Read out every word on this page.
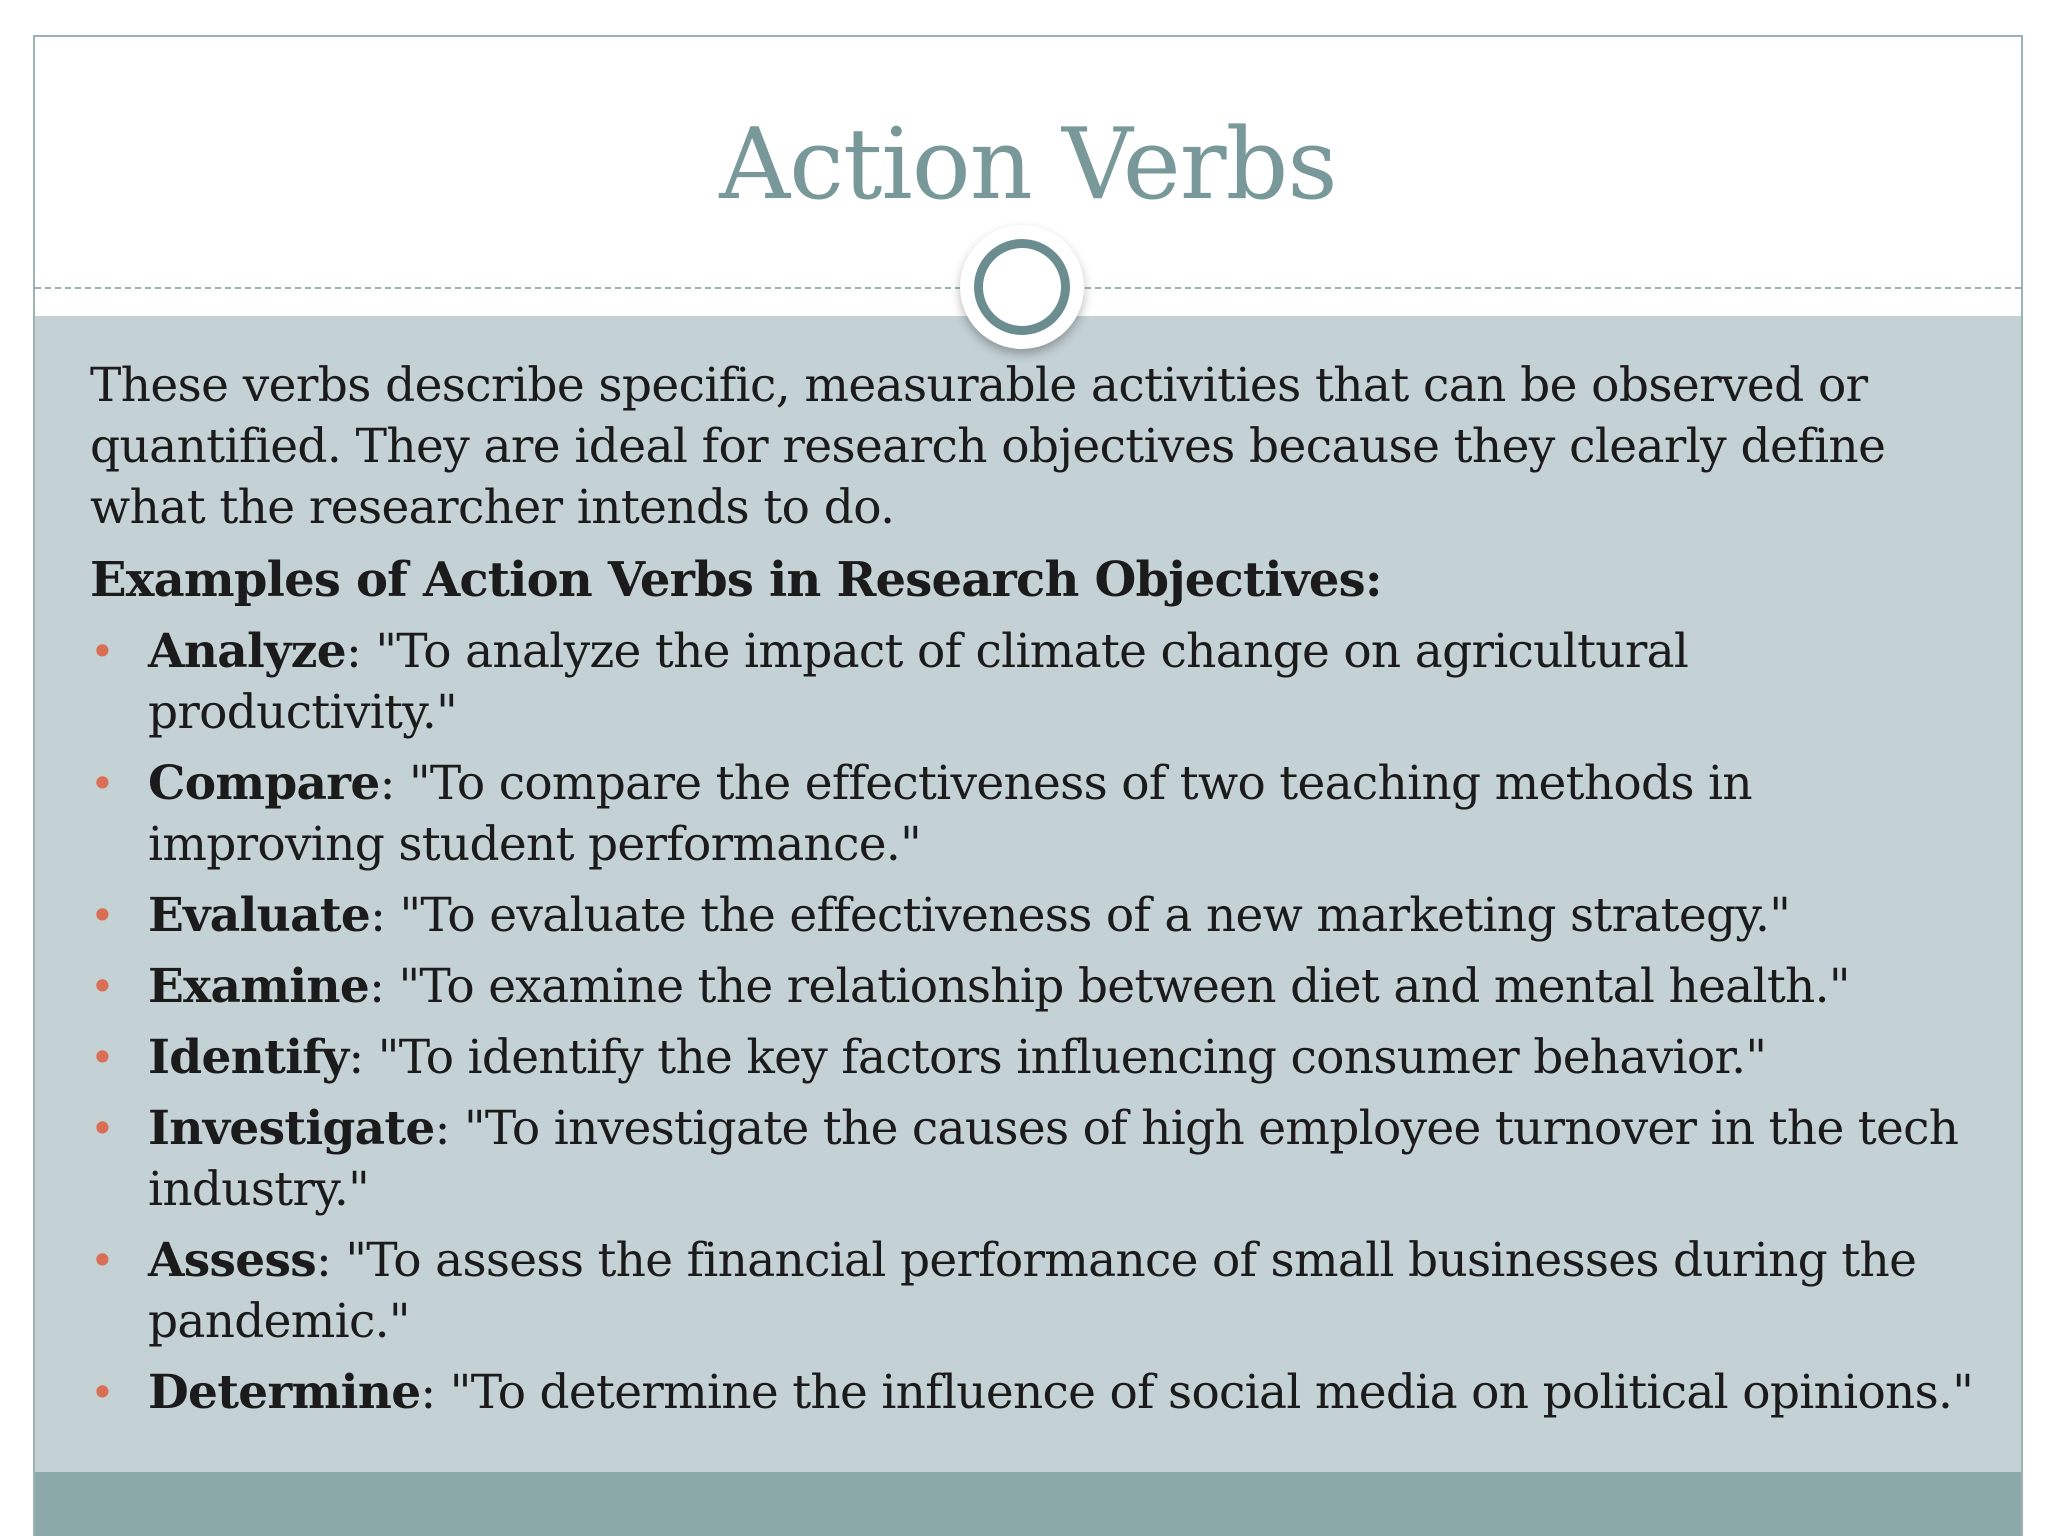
Action Verbs

These verbs describe specific, measurable activities that can be observed or quantified. They are ideal for research objectives because they clearly define what the researcher intends to do.

Examples of Action Verbs in Research Objectives:
• Analyze: "To analyze the impact of climate change on agricultural productivity."
• Compare: "To compare the effectiveness of two teaching methods in improving student performance."
• Evaluate: "To evaluate the effectiveness of a new marketing strategy."
• Examine: "To examine the relationship between diet and mental health."
• Identify: "To identify the key factors influencing consumer behavior."
• Investigate: "To investigate the causes of high employee turnover in the tech industry."
• Assess: "To assess the financial performance of small businesses during the pandemic."
• Determine: "To determine the influence of social media on political opinions."
